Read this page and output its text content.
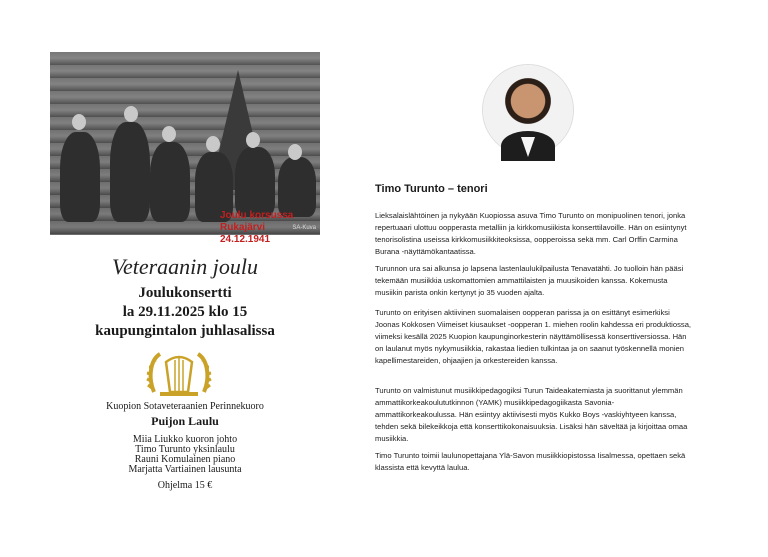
Joulu korsussa Rukajärvi
24.12.1941
SA-Kuva
Veteraanin joulu
Joulukonsertti
la 29.11.2025 klo 15
kaupungintalon juhlasalissa
Kuopion Sotaveteraanien Perinnekuoro
Puijon Laulu
Miia Liukko kuoron johto
Timo Turunto yksinlaulu
Rauni Komulainen piano
Marjatta Vartiainen lausunta
Ohjelma 15 €
Timo Turunto – tenori
Lieksalaislähtöinen ja nykyään Kuopiossa asuva Timo Turunto on monipuolinen tenori, jonka repertuaari ulottuu oopperasta metalliin ja kirkkomusiikista konserttilavoille. Hän on esiintynyt tenorisolistina useissa kirkkomusiikkiteoksissa, oopperoissa sekä mm. Carl Orffin Carmina Burana -näyttämökantaatissa.
Turunnon ura sai alkunsa jo lapsena lastenlaulukilpailusta Tenavatähti. Jo tuolloin hän pääsi tekemään musiikkia uskomattomien ammattilaisten ja muusikoiden kanssa. Kokemusta musiikin parista onkin kertynyt jo 35 vuoden ajalta.
Turunto on erityisen aktiivinen suomalaisen oopperan parissa ja on esittänyt esimerkiksi Joonas Kokkosen Viimeiset kiusaukset -oopperan 1. miehen roolin kahdessa eri produktiossa, viimeksi kesällä 2025 Kuopion kaupunginorkesterin näyttämöllisessä konserttiversiossa. Hän on laulanut myös nykymusiikkia, rakastaa liedien tulkintaa ja on saanut työskennellä monien kapellimestareiden, ohjaajien ja orkestereiden kanssa.
Turunto on valmistunut musiikkipedagogiksi Turun Taideakatemiasta ja suorittanut ylemmän ammattikorkeakoulututkinnon (YAMK) musiikkipedagogiikasta Savonia-ammattikorkeakoulussa. Hän esiintyy aktiivisesti myös Kukko Boys -vaskiyhtyeen kanssa, tehden sekä bilekeikkoja että konserttikokonaisuuksia. Lisäksi hän säveltää ja kirjoittaa omaa musiikkia.
Timo Turunto toimii laulunopettajana Ylä-Savon musiikkiopistossa Iisalmessa, opettaen sekä klassista että kevyttä laulua.
